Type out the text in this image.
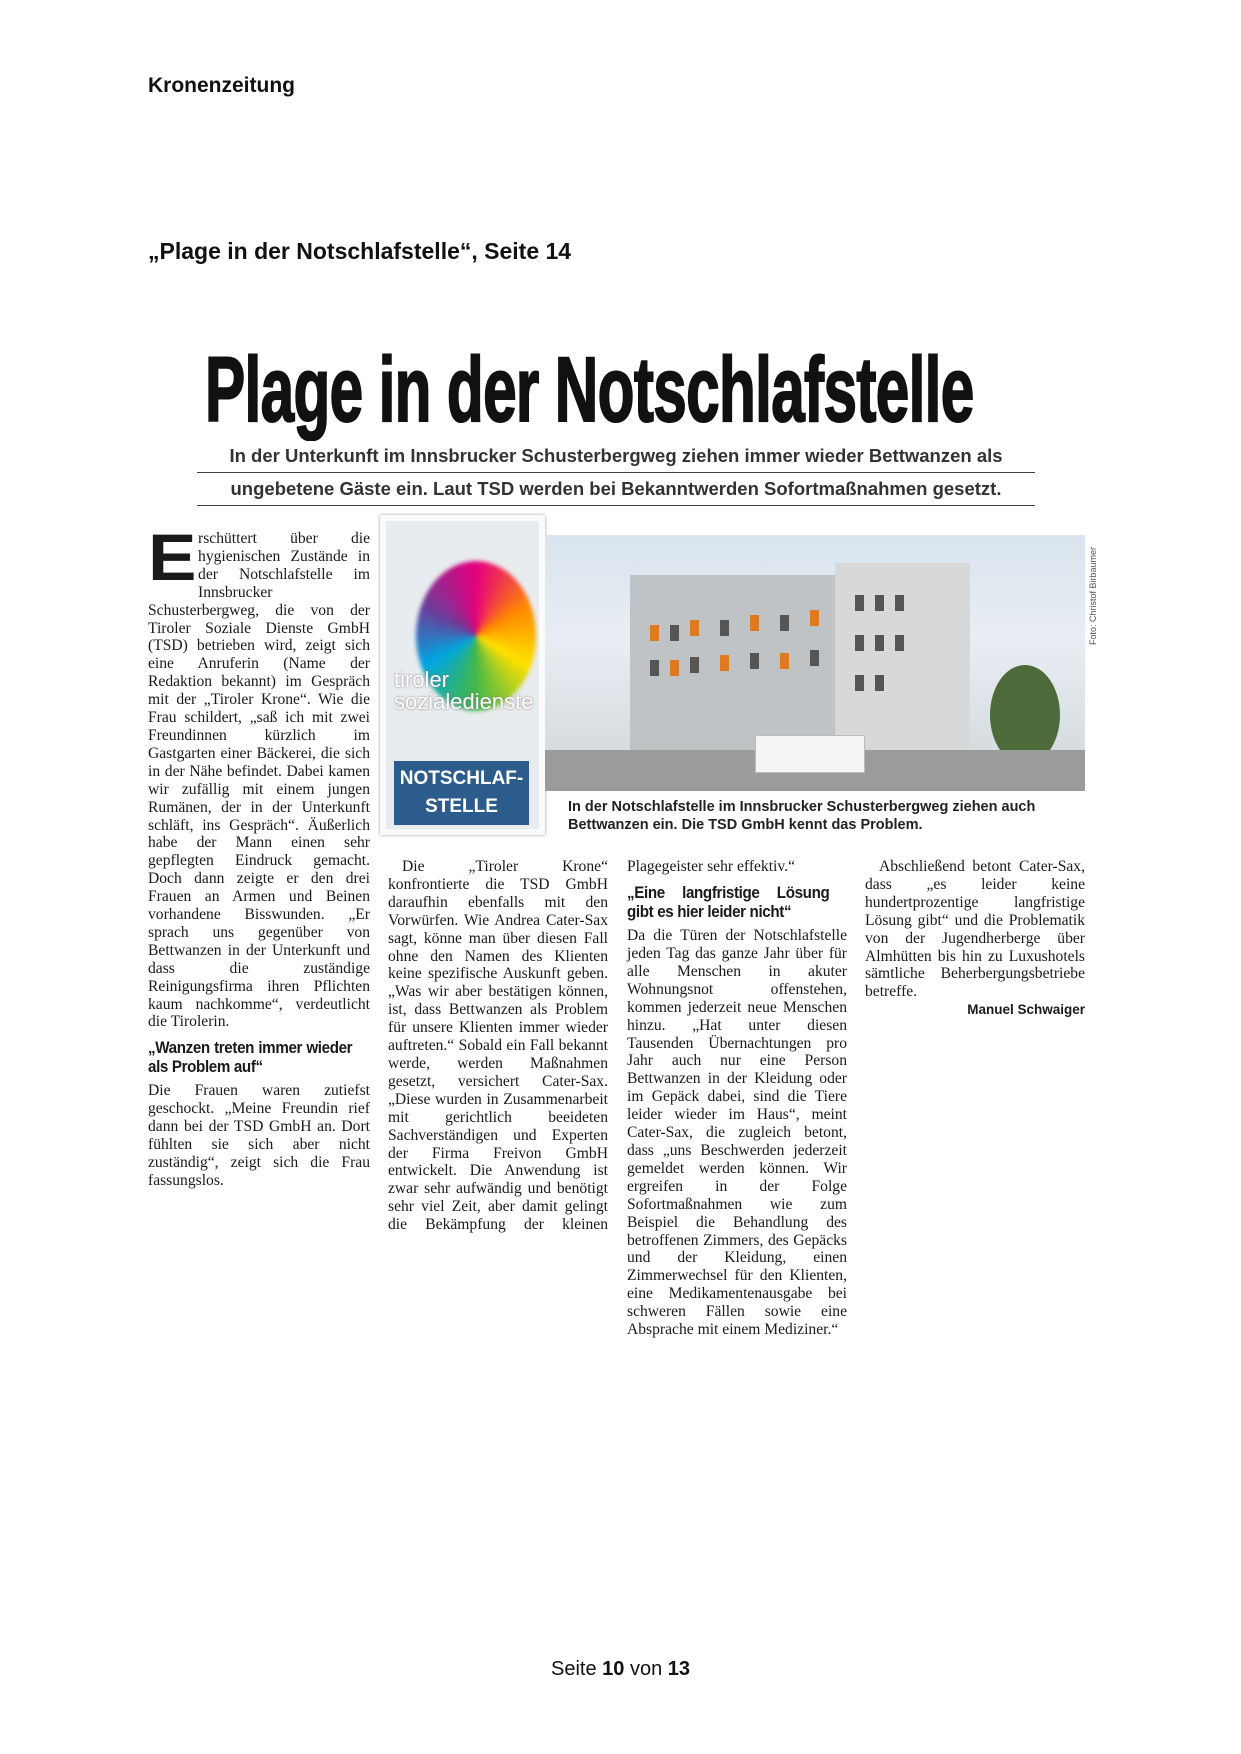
Kronenzeitung
„Plage in der Notschlafstelle“, Seite 14
Plage in der Notschlafstelle
In der Unterkunft im Innsbrucker Schusterbergweg ziehen immer wieder Bettwanzen als
ungebetene Gäste ein. Laut TSD werden bei Bekanntwerden Sofortmaßnahmen gesetzt.
E rschüttert über die hygienischen Zustände in der Notschlafstelle im Innsbrucker Schusterbergweg, die von der Tiroler Soziale Dienste GmbH (TSD) betrieben wird, zeigt sich eine Anruferin (Name der Redaktion bekannt) im Gespräch mit der „Tiroler Krone“. Wie die Frau schildert, „saß ich mit zwei Freundinnen kürzlich im Gastgarten einer Bäckerei, die sich in der Nähe befindet. Dabei kamen wir zufällig mit einem jungen Rumänen, der in der Unterkunft schläft, ins Gespräch“. Äußerlich habe der Mann einen sehr gepflegten Eindruck gemacht. Doch dann zeigte er den drei Frauen an Armen und Beinen vorhandene Bisswunden. „Er sprach uns gegenüber von Bettwanzen in der Unterkunft und dass die zuständige Reinigungsfirma ihren Pflichten kaum nachkomme“, verdeutlicht die Tirolerin.

„Wanzen treten immer wieder als Problem auf“

Die Frauen waren zutiefst geschockt. „Meine Freundin rief dann bei der TSD GmbH an. Dort fühlten sie sich aber nicht zuständig“, zeigt sich die Frau fassungslos.

tiroler
sozialedienste
NOTSCHLAF-
STELLE
Foto: Christof Birbaumer
In der Notschlafstelle im Innsbrucker Schusterbergweg ziehen auch Bettwanzen ein. Die TSD GmbH kennt das Problem.

Die „Tiroler Krone“ konfrontierte die TSD GmbH daraufhin ebenfalls mit den Vorwürfen. Wie Andrea Cater-Sax sagt, könne man über diesen Fall ohne den Namen des Klienten keine spezifische Auskunft geben. „Was wir aber bestätigen können, ist, dass Bettwanzen als Problem für unsere Klienten immer wieder auftreten.“ Sobald ein Fall bekannt werde, werden Maßnahmen gesetzt, versichert Cater-Sax. „Diese wurden in Zusammenarbeit mit gerichtlich beeideten Sachverständigen und Experten der Firma Freivon GmbH entwickelt. Die Anwendung ist zwar sehr aufwändig und benötigt sehr viel Zeit, aber damit gelingt die Bekämpfung der kleinen

Plagegeister sehr effektiv.“

„Eine langfristige Lösung gibt es hier leider nicht“

Da die Türen der Notschlafstelle jeden Tag das ganze Jahr über für alle Menschen in akuter Wohnungsnot offenstehen, kommen jederzeit neue Menschen hinzu. „Hat unter diesen Tausenden Übernachtungen pro Jahr auch nur eine Person Bettwanzen in der Kleidung oder im Gepäck dabei, sind die Tiere leider wieder im Haus“, meint Cater-Sax, die zugleich betont, dass „uns Beschwerden jederzeit gemeldet werden können. Wir ergreifen in der Folge Sofortmaßnahmen wie zum Beispiel die Behandlung des betroffenen Zimmers, des Gepäcks und der Kleidung, einen Zimmerwechsel für den Klienten, eine Medikamentenausgabe bei schweren Fällen sowie eine Absprache mit einem Mediziner.“

Abschließend betont Cater-Sax, dass „es leider keine hundertprozentige langfristige Lösung gibt“ und die Problematik von der Jugendherberge über Almhütten bis hin zu Luxushotels sämtliche Beherbergungsbetriebe betreffe.

Manuel Schwaiger
Seite 10 von 13
